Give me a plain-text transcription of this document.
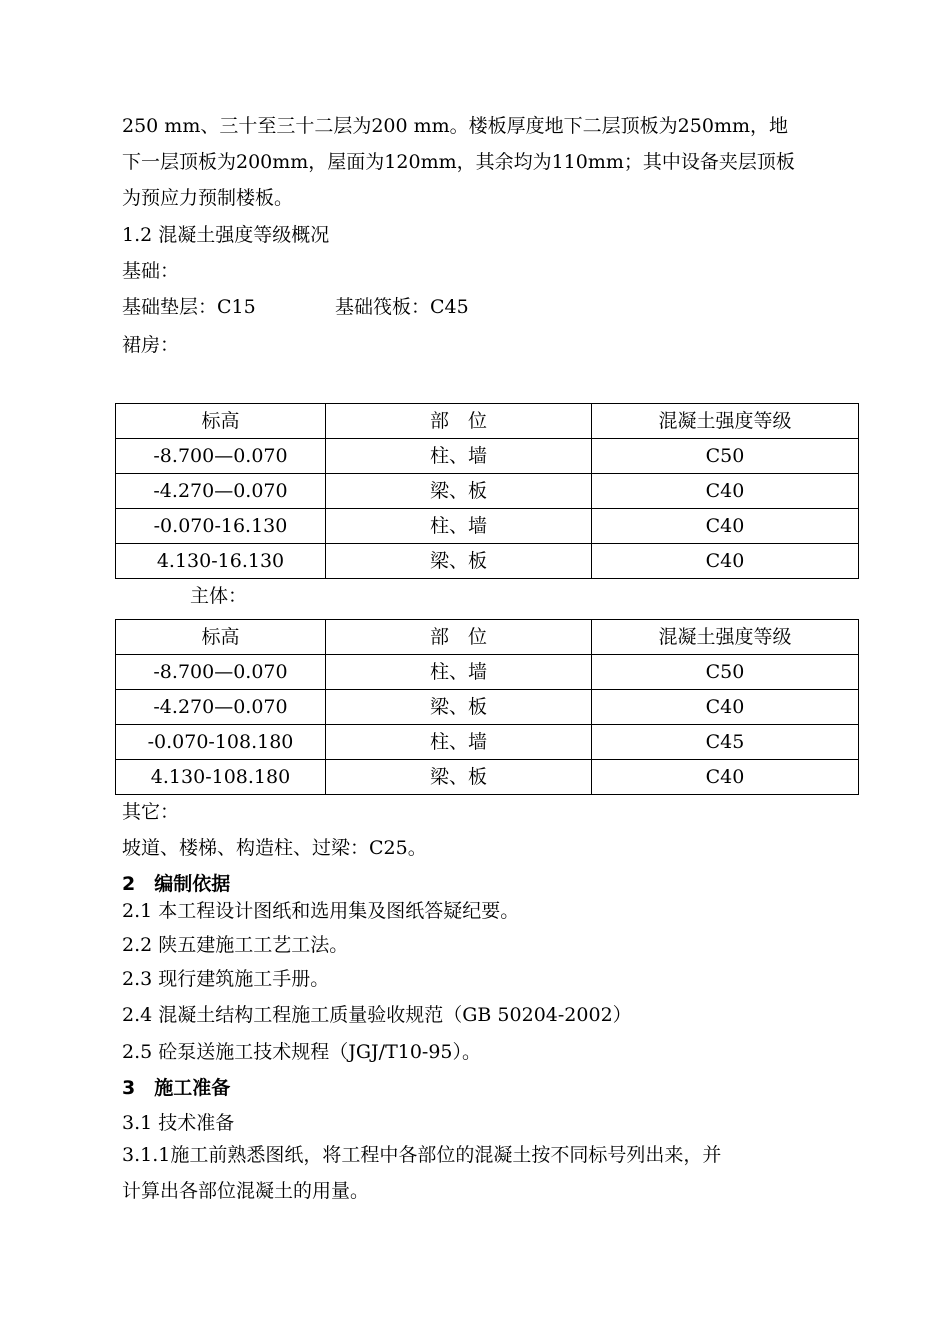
250 mm、三十至三十二层为200 mm。楼板厚度地下二层顶板为250mm，地
下一层顶板为200mm，屋面为120mm，其余均为110mm；其中设备夹层顶板
为预应力预制楼板。
1.2 混凝土强度等级概况
基础：
基础垫层：C15	基础筏板：C45
裙房：
标高	部　位	混凝土强度等级
-8.700—0.070	柱、墙	C50
-4.270—0.070	梁、板	C40
-0.070-16.130	柱、墙	C40
4.130-16.130	梁、板	C40
主体：
标高	部　位	混凝土强度等级
-8.700—0.070	柱、墙	C50
-4.270—0.070	梁、板	C40
-0.070-108.180	柱、墙	C45
4.130-108.180	梁、板	C40
其它：
坡道、楼梯、构造柱、过梁：C25。
2　编制依据
2.1 本工程设计图纸和选用集及图纸答疑纪要。
2.2 陕五建施工工艺工法。
2.3 现行建筑施工手册。
2.4 混凝土结构工程施工质量验收规范（GB 50204-2002）
2.5 砼泵送施工技术规程（JGJ/T10-95）。
3　施工准备
3.1 技术准备
3.1.1施工前熟悉图纸，将工程中各部位的混凝土按不同标号列出来，并
计算出各部位混凝土的用量。
